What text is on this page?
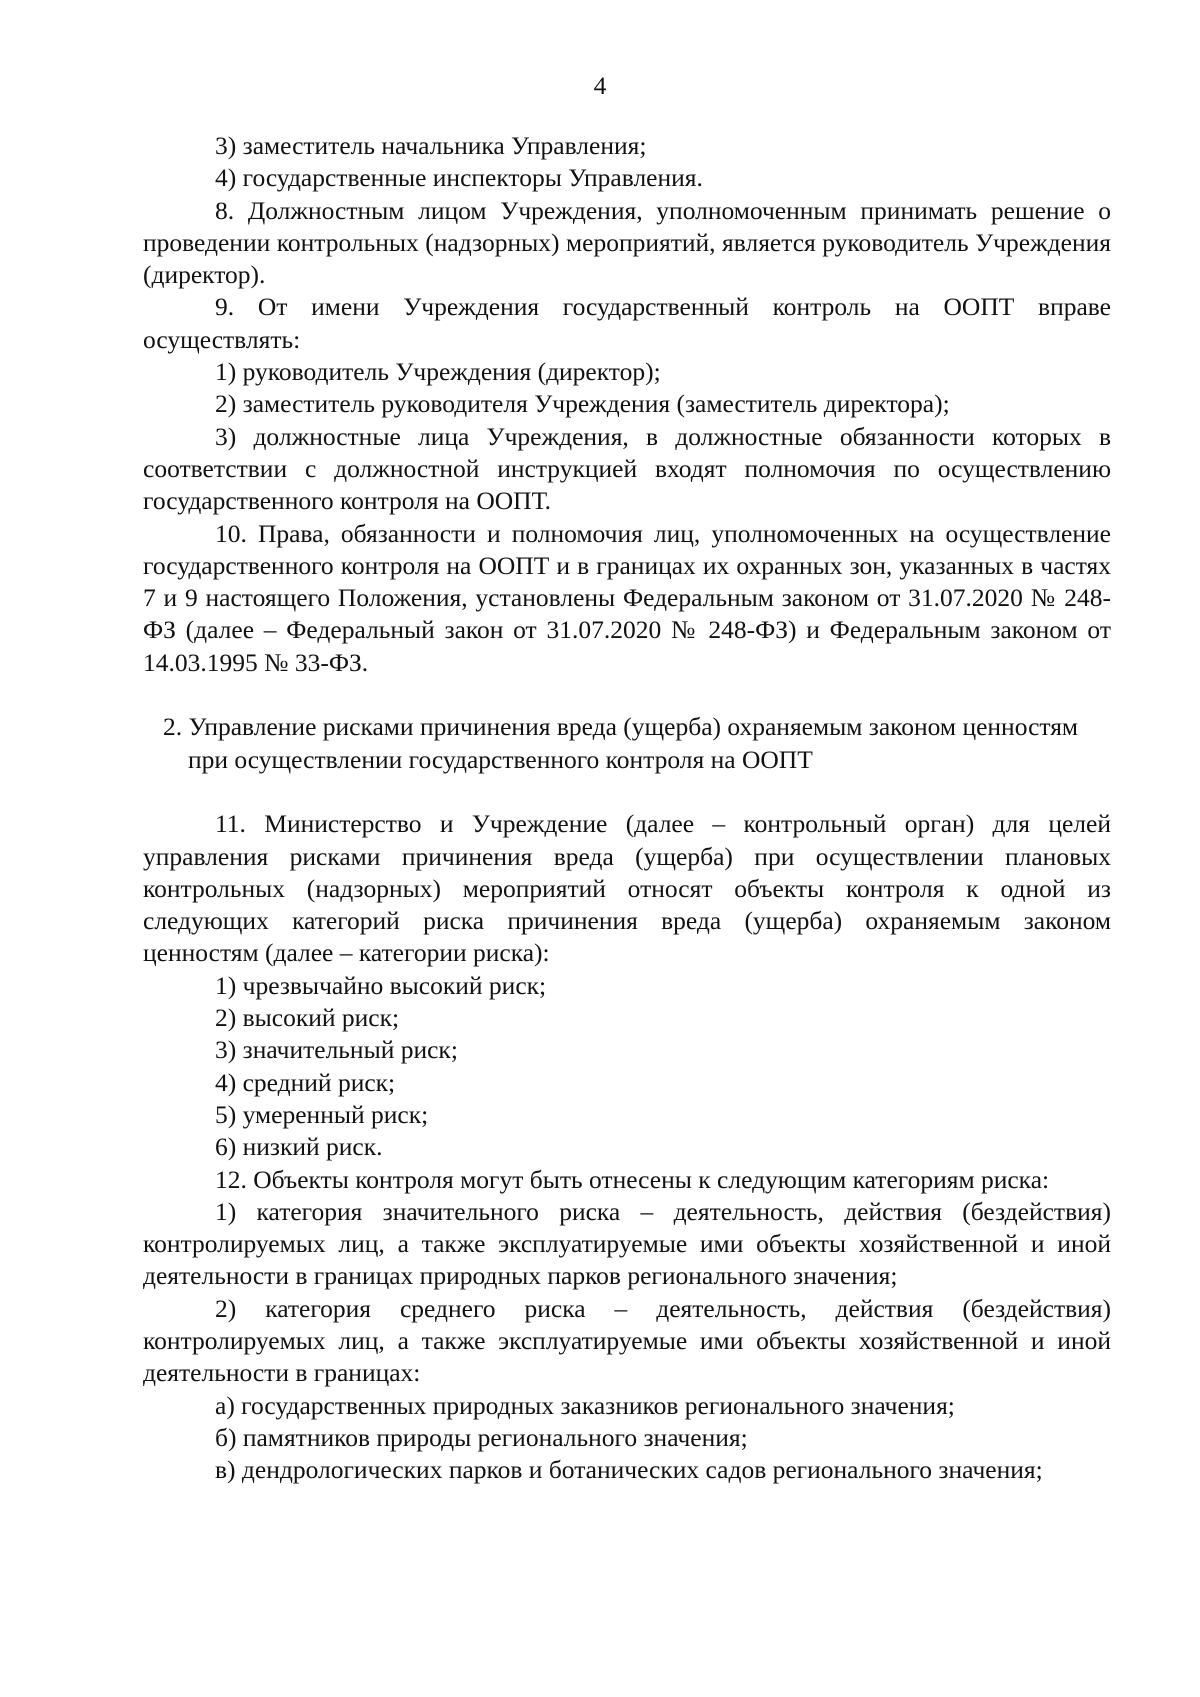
4

3) заместитель начальника Управления;

4) государственные инспекторы Управления.

8. Должностным лицом Учреждения, уполномоченным принимать решение о проведении контрольных (надзорных) мероприятий, является руководитель Учреждения (директор).

9. От имени Учреждения государственный контроль на ООПТ вправе осуществлять:

1) руководитель Учреждения (директор);

2) заместитель руководителя Учреждения (заместитель директора);

3) должностные лица Учреждения, в должностные обязанности которых в соответствии с должностной инструкцией входят полномочия по осуществлению государственного контроля на ООПТ.

10. Права, обязанности и полномочия лиц, уполномоченных на осуществление государственного контроля на ООПТ и в границах их охранных зон, указанных в частях 7 и 9 настоящего Положения, установлены Федеральным законом от 31.07.2020 № 248-ФЗ (далее – Федеральный закон от 31.07.2020 № 248-ФЗ) и Федеральным законом от 14.03.1995 № 33-ФЗ.

2. Управление рисками причинения вреда (ущерба) охраняемым законом ценностям при осуществлении государственного контроля на ООПТ

11. Министерство и Учреждение (далее – контрольный орган) для целей управления рисками причинения вреда (ущерба) при осуществлении плановых контрольных (надзорных) мероприятий относят объекты контроля к одной из следующих категорий риска причинения вреда (ущерба) охраняемым законом ценностям (далее – категории риска):

1) чрезвычайно высокий риск;

2) высокий риск;

3) значительный риск;

4) средний риск;

5) умеренный риск;

6) низкий риск.

12. Объекты контроля могут быть отнесены к следующим категориям риска:

1) категория значительного риска – деятельность, действия (бездействия) контролируемых лиц, а также эксплуатируемые ими объекты хозяйственной и иной деятельности в границах природных парков регионального значения;

2) категория среднего риска – деятельность, действия (бездействия) контролируемых лиц, а также эксплуатируемые ими объекты хозяйственной и иной деятельности в границах:

а) государственных природных заказников регионального значения;

б) памятников природы регионального значения;

в) дендрологических парков и ботанических садов регионального значения;
